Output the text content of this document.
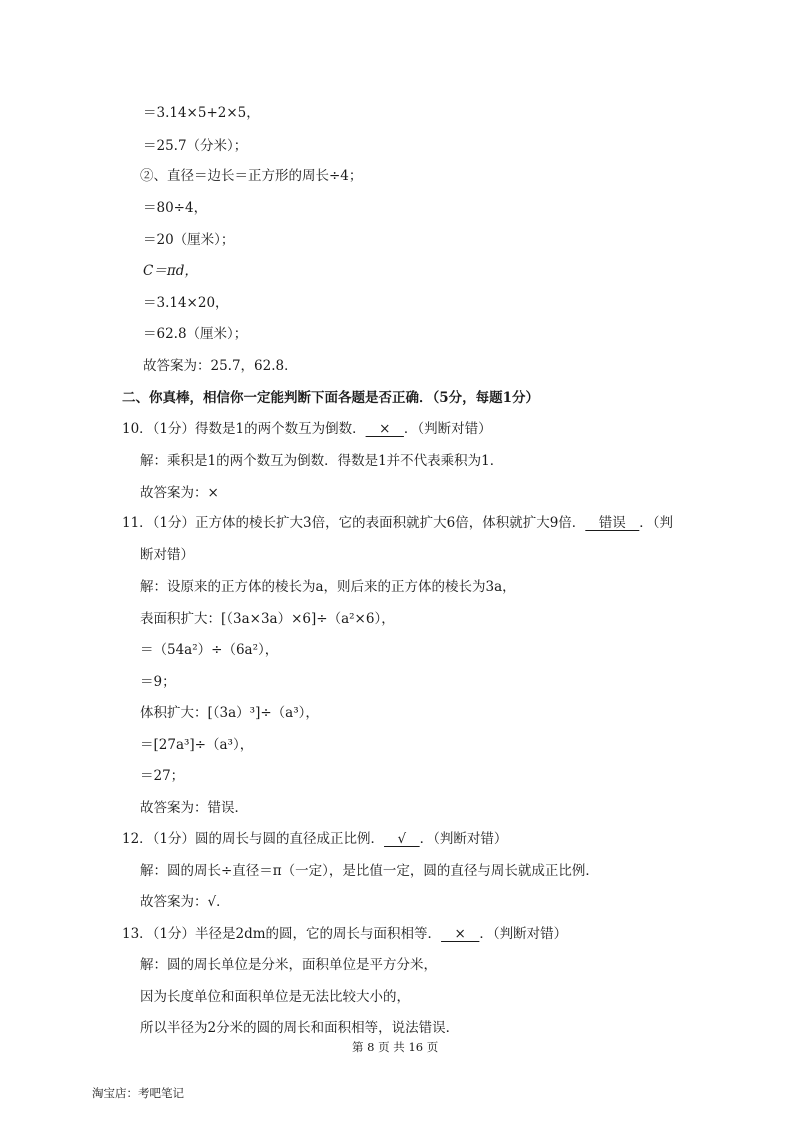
＝3.14×5+2×5，
＝25.7（分米）；
②、直径＝边长＝正方形的周长÷4；
＝80÷4，
＝20（厘米）；
C＝πd，
＝3.14×20，
＝62.8（厘米）；
故答案为：25.7，62.8．
二、你真棒，相信你一定能判断下面各题是否正确．（5分，每题1分）
10．（1分）得数是1的两个数互为倒数．　×　．（判断对错）
解：乘积是1的两个数互为倒数．得数是1并不代表乘积为1．
故答案为：×
11．（1分）正方体的棱长扩大3倍，它的表面积就扩大6倍，体积就扩大9倍．　错误　．（判
断对错）
解：设原来的正方体的棱长为a，则后来的正方体的棱长为3a，
表面积扩大：[（3a×3a）×6]÷（a²×6），
＝（54a²）÷（6a²），
＝9；
体积扩大：[（3a）³]÷（a³），
＝[27a³]÷（a³），
＝27；
故答案为：错误．
12．（1分）圆的周长与圆的直径成正比例．　√　．（判断对错）
解：圆的周长÷直径＝π（一定），是比值一定，圆的直径与周长就成正比例．
故答案为：√．
13．（1分）半径是2dm的圆，它的周长与面积相等．　×　．（判断对错）
解：圆的周长单位是分米，面积单位是平方分米，
因为长度单位和面积单位是无法比较大小的，
所以半径为2分米的圆的周长和面积相等，说法错误．
第 8 页 共 16 页
淘宝店：考吧笔记
